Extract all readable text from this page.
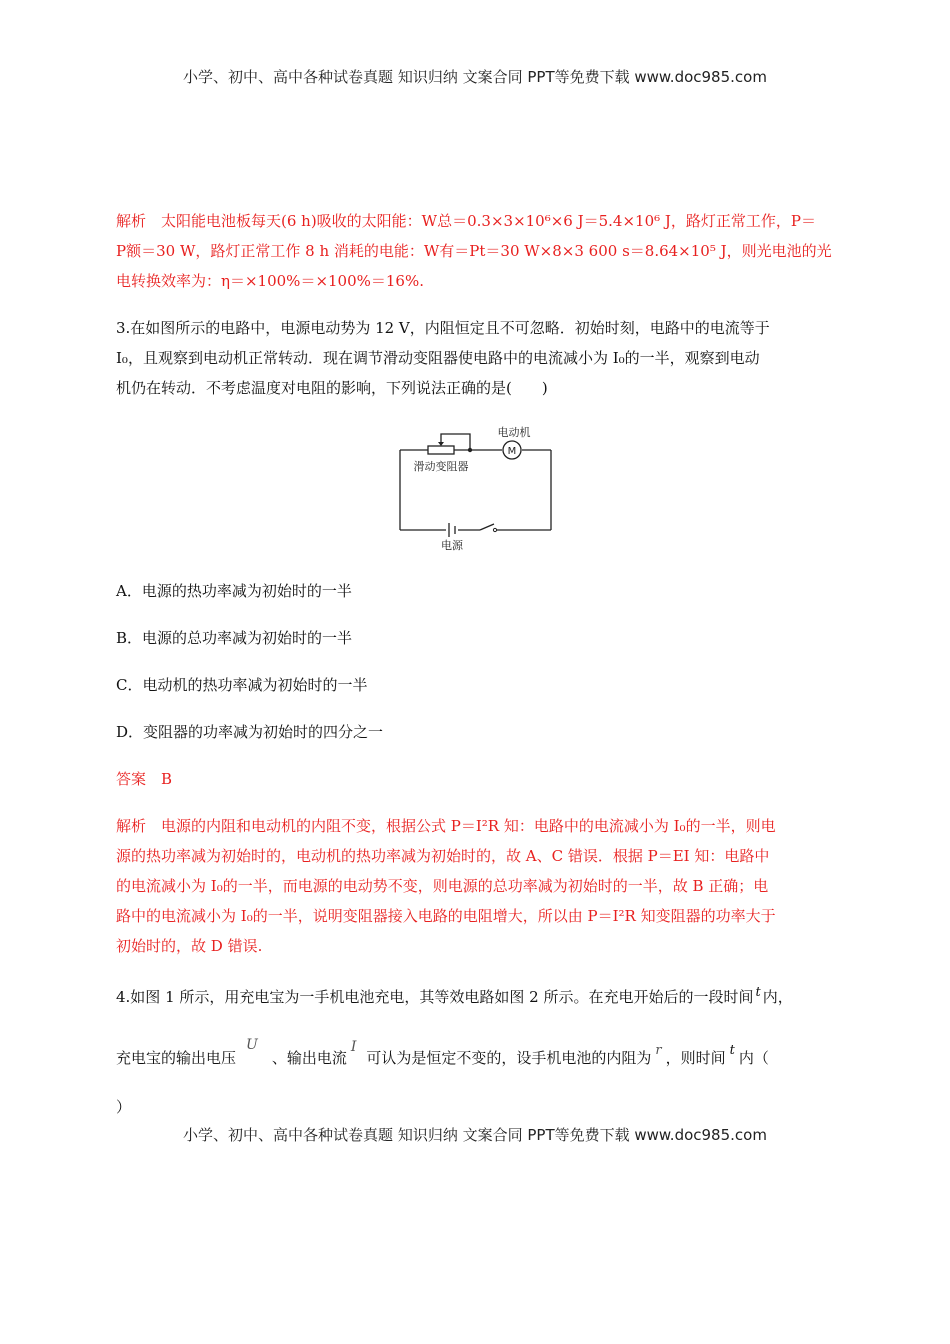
小学、初中、高中各种试卷真题 知识归纳 文案合同 PPT等免费下载 www.doc985.com
解析　太阳能电池板每天(6 h)吸收的太阳能：W总＝0.3×3×10⁶×6 J＝5.4×10⁶ J，路灯正常工作，P＝
P额＝30 W，路灯正常工作 8 h 消耗的电能：W有＝Pt＝30 W×8×3 600 s＝8.64×10⁵ J，则光电池的光
电转换效率为：η＝×100%＝×100%＝16%.
3.在如图所示的电路中，电源电动势为 12 V，内阻恒定且不可忽略．初始时刻，电路中的电流等于
I₀，且观察到电动机正常转动．现在调节滑动变阻器使电路中的电流减小为 I₀的一半，观察到电动
机仍在转动．不考虑温度对电阻的影响，下列说法正确的是(　　)
M
电动机
滑动变阻器
电源
A．电源的热功率减为初始时的一半
B．电源的总功率减为初始时的一半
C．电动机的热功率减为初始时的一半
D．变阻器的功率减为初始时的四分之一
答案　B
解析　电源的内阻和电动机的内阻不变，根据公式 P＝I²R 知：电路中的电流减小为 I₀的一半，则电
源的热功率减为初始时的，电动机的热功率减为初始时的，故 A、C 错误．根据 P＝EI 知：电路中
的电流减小为 I₀的一半，而电源的电动势不变，则电源的总功率减为初始时的一半，故 B 正确；电
路中的电流减小为 I₀的一半，说明变阻器接入电路的电阻增大，所以由 P＝I²R 知变阻器的功率大于
初始时的，故 D 错误.
4.如图 1 所示，用充电宝为一手机电池充电，其等效电路如图 2 所示。在充电开始后的一段时间 t 内，
充电宝的输出电压U、输出电流I可认为是恒定不变的，设手机电池的内阻为 r ，则时间 t 内（
）
小学、初中、高中各种试卷真题 知识归纳 文案合同 PPT等免费下载 www.doc985.com
